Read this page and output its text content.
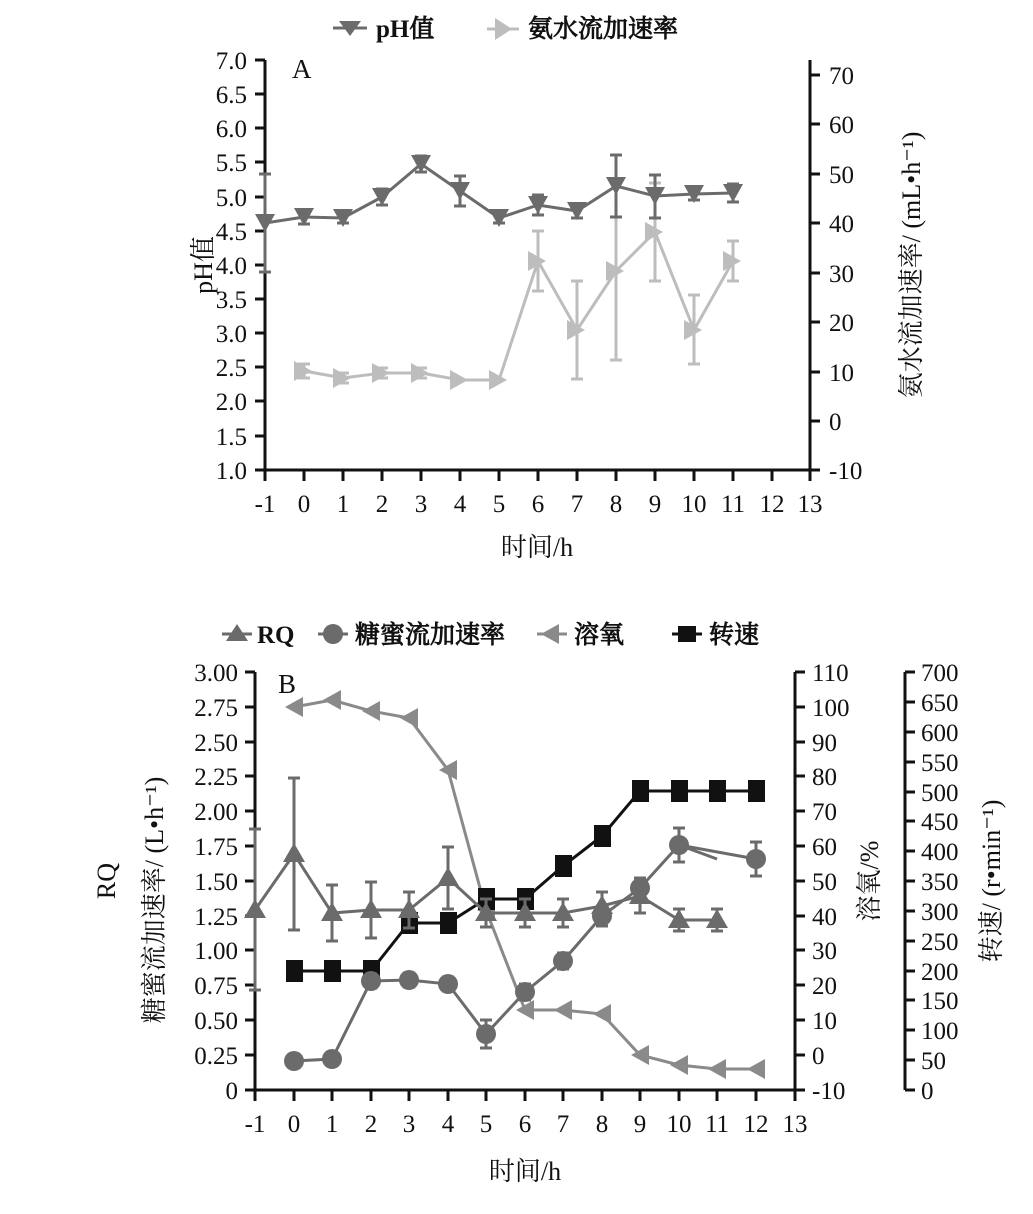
pH值	氨水流加速率
7.0
6.5
6.0
5.5
5.0
4.5
4.0
3.5
3.0
2.5
2.0
1.5
1.0
70
60
50
40
30
20
10
0
-10
-1 0 1 2 3 4 5 6 7 8 9 10 11 12 13
A
时间/h
pH值	氨水流加速率/ (mL•h⁻¹)
RQ 糖蜜流加速率	溶氧	转速
3.00
2.75
2.50
2.25
2.00
1.75
1.50
1.25
1.00
0.75
0.50
0.25
0
110
100
90
80
70
60
50
40
30
20
10
0
-10
700
650
600
550
500
450
400
350
300
250
200
150
100
50
0
-1 0 1 2 3 4 5 6 7 8 9 10 11 12 13
B
时间/h
RQ 糖蜜流加速率/ (L•h⁻¹)	溶氧/%	转速/ (r•min⁻¹)
